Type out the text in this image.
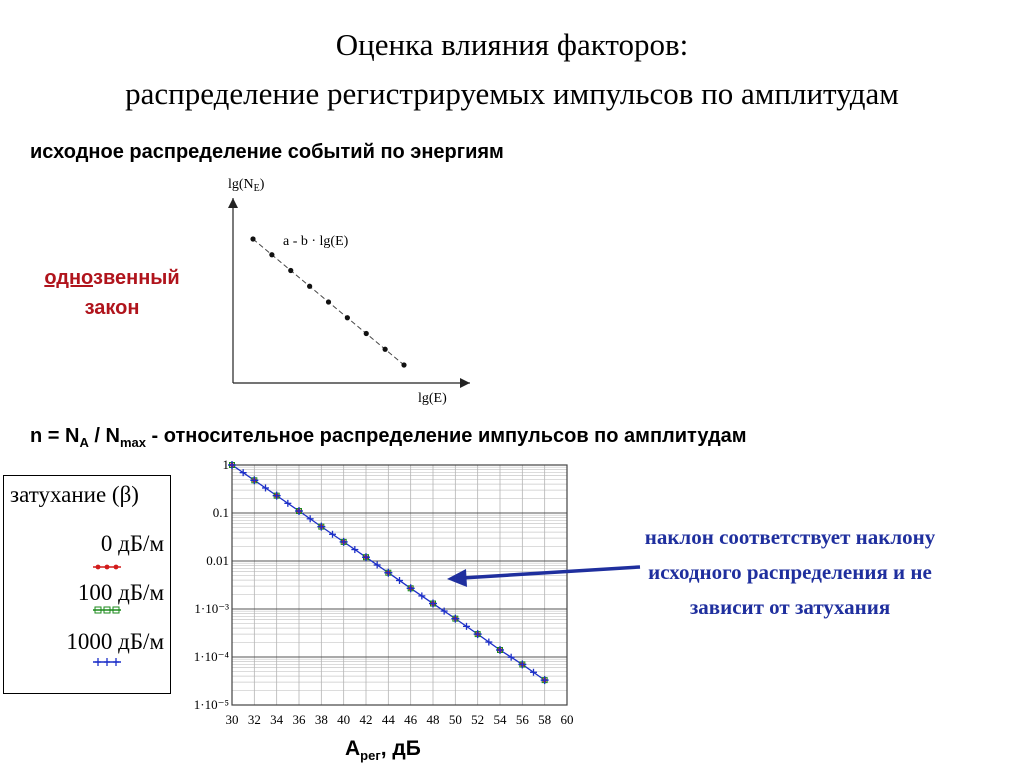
Оценка влияния факторов:
распределение регистрируемых импульсов по амплитудам
исходное распределение событий по энергиям
однозвенный
закон
$n = N_A / N_{max}$ - относительное распределение импульсов по амплитудам
затухание (β)
0 дБ/м
100 дБ/м
1000 дБ/м
наклон соответствует наклону исходного распределения и не зависит от затухания
$A_{рег}$, дБ
$\lg(N_E)$
lg(E)
a - b · lg(E)
30 32 34 36 38 40 42 44 46 48 50 52 54 56 58 60
1
0.1
0.01
1·10⁻³
1·10⁻⁴
1·10⁻⁵
